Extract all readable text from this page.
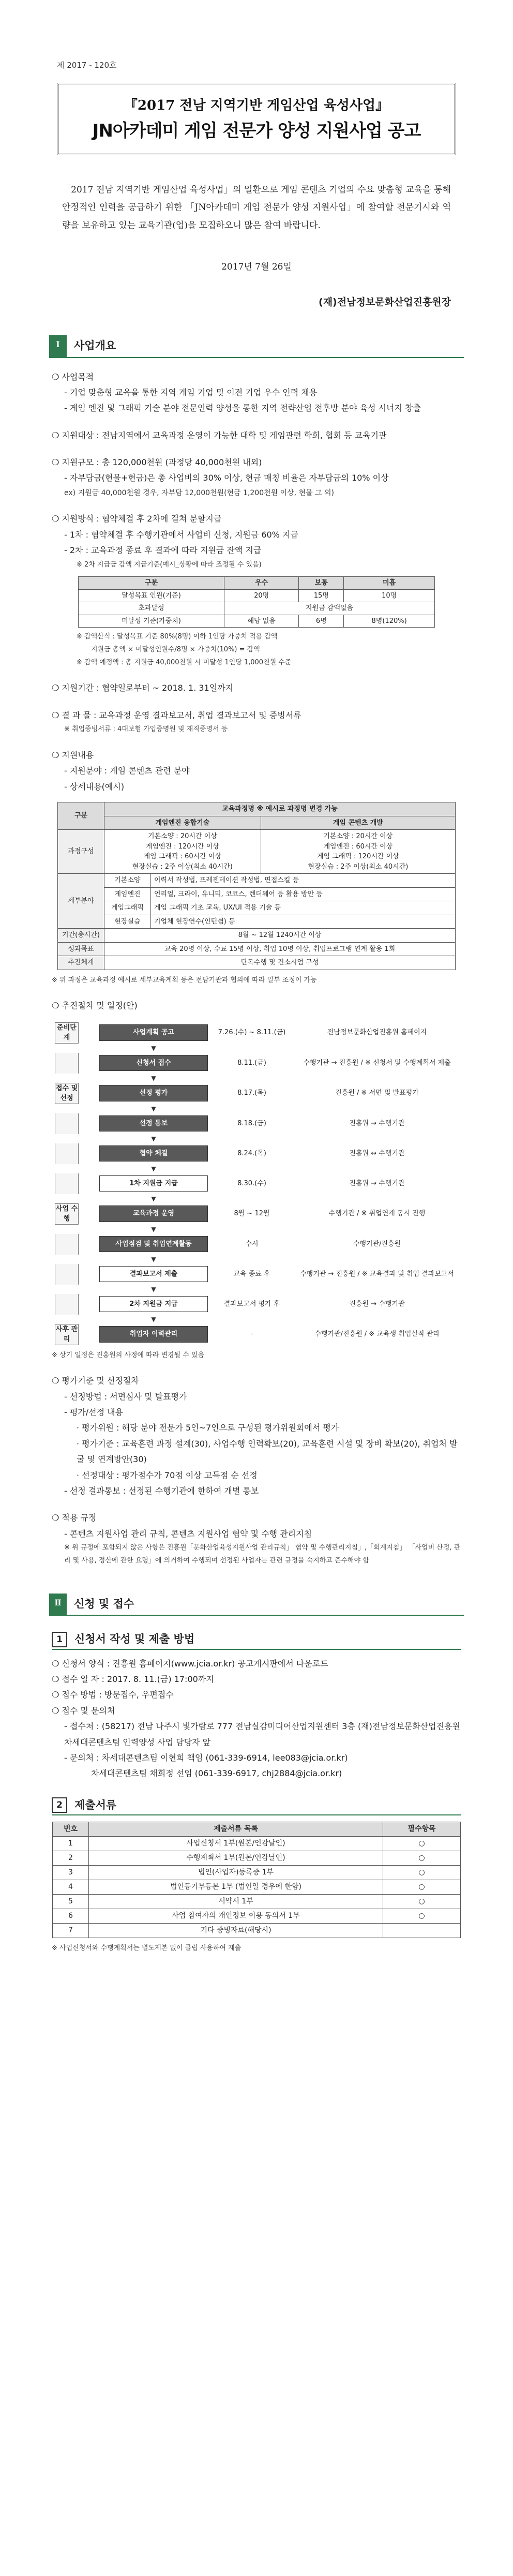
제 2017 - 120호
『2017 전남 지역기반 게임산업 육성사업』
JN아카데미 게임 전문가 양성 지원사업 공고
「2017 전남 지역기반 게임산업 육성사업」의 일환으로 게임 콘텐츠 기업의 수요 맞춤형 교육을 통해 안정적인 인력을 공급하기 위한 「JN아카데미 게임 전문가 양성 지원사업」에 참여할 전문기시와 역량을 보유하고 있는 교육기관(업)을 모집하오니 많은 참여 바랍니다.
2017년 7월 26일
(재)전남정보문화산업진흥원장
Ⅰ	사업개요
❍ 사업목적
- 기업 맞춤형 교육을 통한 지역 게임 기업 및 이전 기업 우수 인력 채용
- 게임 엔진 및 그래픽 기술 분야 전문인력 양성을 통한 지역 전략산업 전후방 분야 육성 시너지 창출
❍ 지원대상 : 전남지역에서 교육과정 운영이 가능한 대학 및 게임관련 학회, 협회 등 교육기관
❍ 지원규모 : 총 120,000천원 (과정당 40,000천원 내외)
- 자부담금(현물+현금)은 총 사업비의 30% 이상, 현금 매칭 비율은 자부담금의 10% 이상
ex) 지원금 40,000천원 경우, 자부담 12,000천원(현금 1,200천원 이상, 현물 그 외)
❍ 지원방식 : 협약체결 후 2차에 걸쳐 분할지급
- 1차 : 협약체결 후 수행기관에서 사업비 신청, 지원금 60% 지급
- 2차 : 교육과정 종료 후 결과에 따라 지원금 잔액 지급
※ 2차 지급금 감액 지급기준(예시_상황에 따라 조정될 수 있음)
구분	우수	보통	미흡
달성목표 인원(기준)	20명	15명	10명
초과달성	지원금 감액없음		
미달성 기준(가중치)	해당 없음	6명	8명(120%)
※ 감액산식 : 달성목표 기준 80%(8명) 이하 1인당 가중치 적용 감액
지원금 총액 × 미달성인원수/8명 × 가중치(10%) = 감액
※ 감액 예정액 : 총 지원금 40,000천원 시 미달성 1인당 1,000천원 수준
❍ 지원기간 : 협약일로부터 ~ 2018. 1. 31일까지
❍ 결 과 물 : 교육과정 운영 결과보고서, 취업 결과보고서 및 증빙서류
※ 취업증빙서류 : 4대보험 가입증명원 및 재직증명서 등
❍ 지원내용
- 지원분야 : 게임 콘텐츠 관련 분야
- 상세내용(예시)
구분	교육과정명 ※ 예시로 과정명 변경 가능		
	게임엔진 융합기술		게임 콘텐츠 개발
과정구성	기본소양 : 20시간 이상
게임엔진 : 120시간 이상
게임 그래픽 : 60시간 이상
현장실습 : 2주 이상(최소 40시간)		기본소양 : 20시간 이상
게임엔진 : 60시간 이상
게임 그래픽 : 120시간 이상
현장실습 : 2주 이상(최소 40시간)
세부분야	기본소양	이력서 작성법, 프레젠테이션 작성법, 면접스킬 등	
	게임엔진	언리얼, 크라이, 유니티, 코코스, 렌더웨어 등 활용 방안 등	
	게임그래픽	게임 그래픽 기초 교육, UX/UI 적용 기술 등	
	현장실습	기업체 현장연수(인턴쉽) 등	
기간(총시간)	8월 ~ 12월 1240시간 이상		
성과목표	교육 20명 이상, 수료 15명 이상, 취업 10명 이상, 취업프로그램 연계 활용 1회		
추진체계	단독수행 및 컨소시엄 구성		
※ 위 과정은 교육과정 예시로 세부교육계획 등은 전담기관과 협의에 따라 일부 조정이 가능
❍ 추진절차 및 일정(안)
준비단계
사업계획 공고	7.26.(수) ~ 8.11.(금)	전남정보문화산업진흥원 홈페이지
▼
신청서 접수	8.11.(금)	수행기관 → 진흥원 / ※ 신청서 및 수행계획서 제출
▼
접수 및 선정
선정 평가	8.17.(목)	진흥원 / ※ 서면 및 발표평가
▼
선정 통보	8.18.(금)	진흥원 → 수행기관
▼
협약 체결	8.24.(목)	진흥원 ↔ 수행기관
▼
1차 지원금 지급	8.30.(수)	진흥원 → 수행기관
▼
사업 수행
교육과정 운영	8월 ~ 12월	수행기관 / ※ 취업연계 동시 진행
▼
사업점검 및 취업연계활동	수시	수행기관/진흥원
▼
결과보고서 제출	교육 종료 후	수행기관 → 진흥원 / ※ 교육결과 및 취업 결과보고서
▼
2차 지원금 지급	결과보고서 평가 후	진흥원 → 수행기관
▼
사후 관리
취업자 이력관리	-	수행기관/진흥원 / ※ 교육생 취업실적 관리
※ 상기 일정은 진흥원의 사정에 따라 변경될 수 있음
❍ 평가기준 및 선정절차
- 선정방법 : 서면심사 및 발표평가
- 평가/선정 내용
· 평가위원 : 해당 분야 전문가 5인~7인으로 구성된 평가위원회에서 평가
· 평가기준 : 교육훈련 과정 설계(30), 사업수행 인력확보(20), 교육훈련 시설 및 장비 확보(20), 취업처 발굴 및 연계방안(30)
· 선정대상 : 평가점수가 70점 이상 고득점 순 선정
- 선정 결과통보 : 선정된 수행기관에 한하여 개별 통보
❍ 적용 규정
- 콘텐츠 지원사업 관리 규칙, 콘텐츠 지원사업 협약 및 수행 관리지침
※ 위 규정에 포함되지 않은 사항은 진흥원「문화산업육성지원사업 관리규칙」 협약 및 수행관리지침」,「회계지침」 「사업비 산정, 관리 및 사용, 정산에 관한 요령」에 의거하여 수행되며 선정된 사업자는 관련 규정을 숙지하고 준수해야 함
Ⅱ	신청 및 접수
1	신청서 작성 및 제출 방법
❍ 신청서 양식 : 진흥원 홈페이지(www.jcia.or.kr) 공고게시판에서 다운로드
❍ 접수 일 자 : 2017. 8. 11.(금) 17:00까지
❍ 접수 방법 : 방문접수, 우편접수
❍ 접수 및 문의처
- 접수처 : (58217) 전남 나주시 빛가람로 777 전남실감미디어산업지원센터 3층 (재)전남정보문화산업진흥원 차세대콘텐츠팀 인력양성 사업 담당자 앞
- 문의처 : 차세대콘텐츠팀 이현희 책임 (061-339-6914, lee083@jcia.or.kr)
차세대콘텐츠팀 채희정 선임 (061-339-6917, chj2884@jcia.or.kr)
2	제출서류
번호	제출서류 목록	필수항목
1	사업신청서 1부(원본/인감날인)	○
2	수행계획서 1부(원본/인감날인)	○
3	법인(사업자)등록증 1부	○
4	법인등기부등본 1부 (법인일 경우에 한함)	○
5	서약서 1부	○
6	사업 참여자의 개인정보 이용 동의서 1부	○
7	기타 증빙자료(해당시)	
※ 사업신청서와 수행계획서는 별도제본 없이 클립 사용하여 제출
